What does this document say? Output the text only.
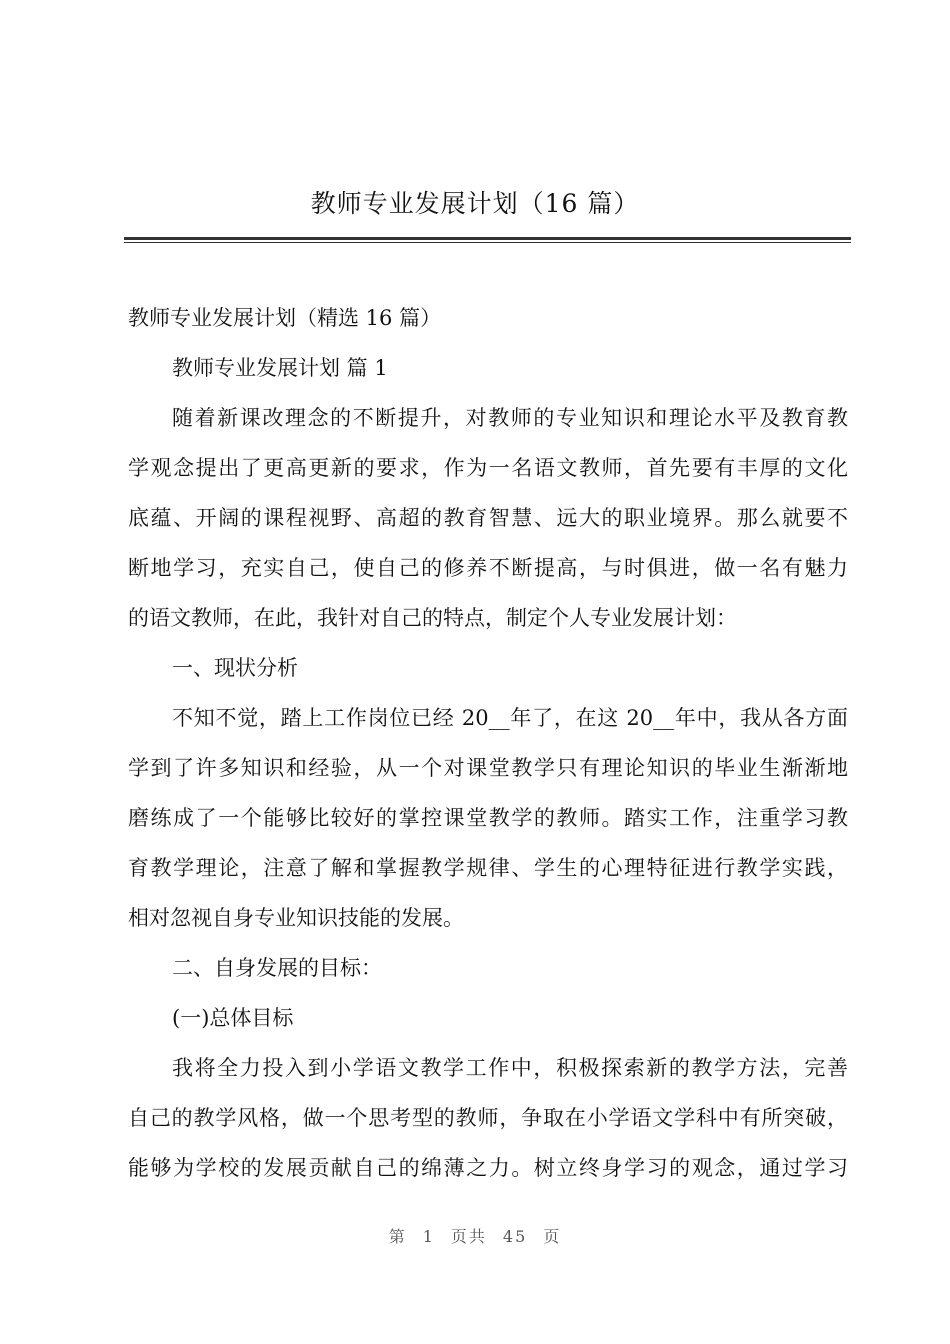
教师专业发展计划（16 篇）
教师专业发展计划（精选 16 篇）
教师专业发展计划 篇 1
随着新课改理念的不断提升，对教师的专业知识和理论水平及教育教
学观念提出了更高更新的要求，作为一名语文教师，首先要有丰厚的文化
底蕴、开阔的课程视野、高超的教育智慧、远大的职业境界。那么就要不
断地学习，充实自己，使自己的修养不断提高，与时俱进，做一名有魅力
的语文教师，在此，我针对自己的特点，制定个人专业发展计划：
一、现状分析
不知不觉，踏上工作岗位已经 20__年了，在这 20__年中，我从各方面
学到了许多知识和经验，从一个对课堂教学只有理论知识的毕业生渐渐地
磨练成了一个能够比较好的掌控课堂教学的教师。踏实工作，注重学习教
育教学理论，注意了解和掌握教学规律、学生的心理特征进行教学实践，
相对忽视自身专业知识技能的发展。
二、自身发展的目标：
(一)总体目标
我将全力投入到小学语文教学工作中，积极探索新的教学方法，完善
自己的教学风格，做一个思考型的教师，争取在小学语文学科中有所突破，
能够为学校的发展贡献自己的绵薄之力。树立终身学习的观念，通过学习
第 1 页共 45 页
